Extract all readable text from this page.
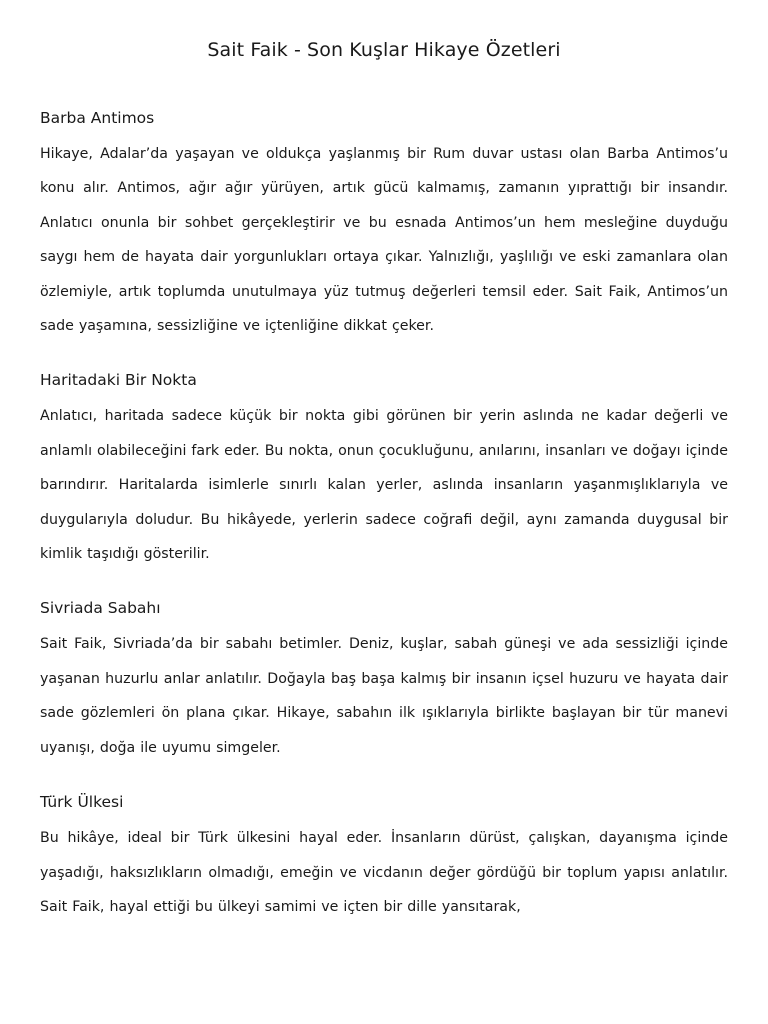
Sait Faik - Son Kuşlar Hikaye Özetleri
Barba Antimos

Hikaye, Adalar’da yaşayan ve oldukça yaşlanmış bir Rum duvar ustası olan Barba Antimos’u konu alır. Antimos, ağır ağır yürüyen, artık gücü kalmamış, zamanın yıprattığı bir insandır. Anlatıcı onunla bir sohbet gerçekleştirir ve bu esnada Antimos’un hem mesleğine duyduğu saygı hem de hayata dair yorgunlukları ortaya çıkar. Yalnızlığı, yaşlılığı ve eski zamanlara olan özlemiyle, artık toplumda unutulmaya yüz tutmuş değerleri temsil eder. Sait Faik, Antimos’un sade yaşamına, sessizliğine ve içtenliğine dikkat çeker.

Haritadaki Bir Nokta

Anlatıcı, haritada sadece küçük bir nokta gibi görünen bir yerin aslında ne kadar değerli ve anlamlı olabileceğini fark eder. Bu nokta, onun çocukluğunu, anılarını, insanları ve doğayı içinde barındırır. Haritalarda isimlerle sınırlı kalan yerler, aslında insanların yaşanmışlıklarıyla ve duygularıyla doludur. Bu hikâyede, yerlerin sadece coğrafi değil, aynı zamanda duygusal bir kimlik taşıdığı gösterilir.

Sivriada Sabahı

Sait Faik, Sivriada’da bir sabahı betimler. Deniz, kuşlar, sabah güneşi ve ada sessizliği içinde yaşanan huzurlu anlar anlatılır. Doğayla baş başa kalmış bir insanın içsel huzuru ve hayata dair sade gözlemleri ön plana çıkar. Hikaye, sabahın ilk ışıklarıyla birlikte başlayan bir tür manevi uyanışı, doğa ile uyumu simgeler.

Türk Ülkesi

Bu hikâye, ideal bir Türk ülkesini hayal eder. İnsanların dürüst, çalışkan, dayanışma içinde yaşadığı, haksızlıkların olmadığı, emeğin ve vicdanın değer gördüğü bir toplum yapısı anlatılır. Sait Faik, hayal ettiği bu ülkeyi samimi ve içten bir dille yansıtarak,
